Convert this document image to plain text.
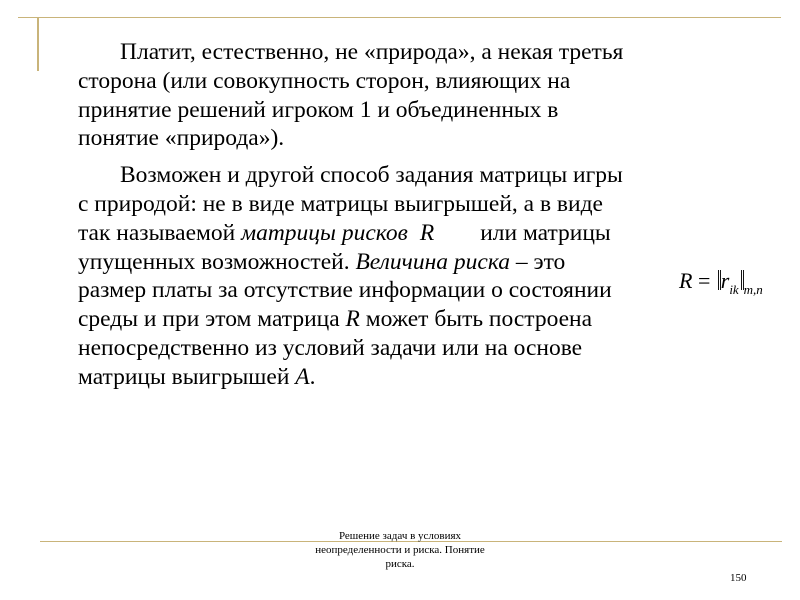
Платит, естественно, не «природа», а некая третья
сторона (или совокупность сторон, влияющих на
принятие решений игроком 1 и объединенных в
понятие «природа»).

Возможен и другой способ задания матрицы игры
с природой: не в виде матрицы выигрышей, а в виде
так называемой матрицы рисков R или матрицы
упущенных возможностей. Величина риска – это
размер платы за отсутствие информации о состоянии
среды и при этом матрица R может быть построена
непосредственно из условий задачи или на основе
матрицы выигрышей A.

$R = ‖r_{ik}‖_{m,n}$
Решение задач в условиях
неопределенности и риска. Понятие
риска.
150
